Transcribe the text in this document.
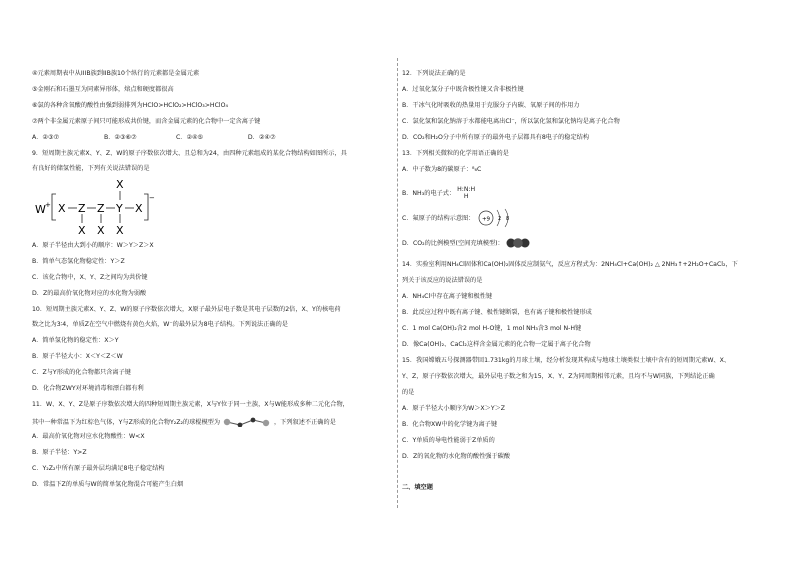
④元素周期表中从IIIB族到IIB族10个纵行的元素都是金属元素
⑤金刚石和石墨互为同素异形体，熔点和硬度都很高
⑥氯的各种含氧酸的酸性由强到弱排列为HClO>HClO₂>HClO₃>HClO₄
⑦两个非金属元素原子间只可能形成共价键，而含金属元素的化合物中一定含离子键
A．②③⑦	B．②③⑥⑦	C．②④⑤	D．②④⑦
9．短周期主族元素X、Y、Z、W的原子序数依次增大、且总和为24，由四种元素组成的某化合物结构如图所示，具
有良好的储氢性能，下列有关说法错误的是
W + X Z Z Y X
−
X
X X X
A．原子半径由大到小的顺序：W＞Y＞Z＞X
B．简单气态氢化物稳定性：Y＞Z
C．该化合物中，X、Y、Z之间均为共价键
D．Z的最高价氧化物对应的水化物为弱酸
10．短周期主族元素X、Y、Z、W的原子序数依次增大，X原子最外层电子数是其电子层数的2倍，X、Y的核电荷
数之比为3∶4，单质Z在空气中燃烧有黄色火焰，W⁻的最外层为8电子结构。下列说法正确的是
A．简单氢化物的稳定性：X＞Y
B．原子半径大小：X＜Y＜Z＜W
C．Z与Y形成的化合物都只含离子键
D．化合物ZWY对环境消毒和漂白都有利
11．W、X、Y、Z是原子序数依次增大的四种短周期主族元素，X与Y位于同一主族，X与W能形成多种二元化合物，
其中一种常温下为红棕色气体，Y与Z形成的化合物Y₂Z₂的球棍模型为	，下列叙述不正确的是
A．最高价氧化物对应水化物酸性：W<X
B．原子半径：Y>Z
C．Y₂Z₂中所有原子最外层均满足8电子稳定结构
D．常温下Z的单质与W的简单氢化物混合可能产生白烟
12．下列说法正确的是
A．过氧化氢分子中既含极性键又含非极性键
B．干冰气化时吸收的热量用于克服分子内碳、氧原子间的作用力
C．氯化氢和氯化钠溶于水都能电离出Cl⁻，所以氯化氢和氯化钠均是离子化合物
D．CO₂和H₂O分子中所有原子的最外电子层都具有8电子的稳定结构
13．下列相关微粒的化学用语正确的是
A．中子数为8的碳原子：⁸₆C
B．NH₃的电子式：
H:N:H
H
C．氟原子的结构示意图： +9 2 8
D．CO₂的比例模型(空间充填模型)：
14．实验室利用NH₄Cl固体和Ca(OH)₂固体反应制氨气，反应方程式为：2NH₄Cl+Ca(OH)₂ △ 2NH₃↑+2H₂O+CaCl₂，下
列关于该反应的说法错误的是
A．NH₄Cl中存在离子键和极性键
B．此反应过程中既有离子键、极性键断裂，也有离子键和极性键形成
C．1 mol Ca(OH)₂含2 mol H-O键，1 mol NH₃含3 mol N-H键
D．像Ca(OH)₂、CaCl₂这样含金属元素的化合物一定属于离子化合物
15．我国嫦娥五号探测器带回1.731kg的月球土壤，经分析发现其构成与地球土壤类似土壤中含有的短周期元素W、X、
Y、Z，原子序数依次增大，最外层电子数之和为15，X、Y、Z为同周期相邻元素，且均不与W同族，下列结论正确
的是
A．原子半径大小顺序为W＞X＞Y＞Z
B．化合物XW中的化学键为离子键
C．Y单质的导电性能弱于Z单质的
D．Z的氧化物的水化物的酸性强于碳酸
二、填空题
